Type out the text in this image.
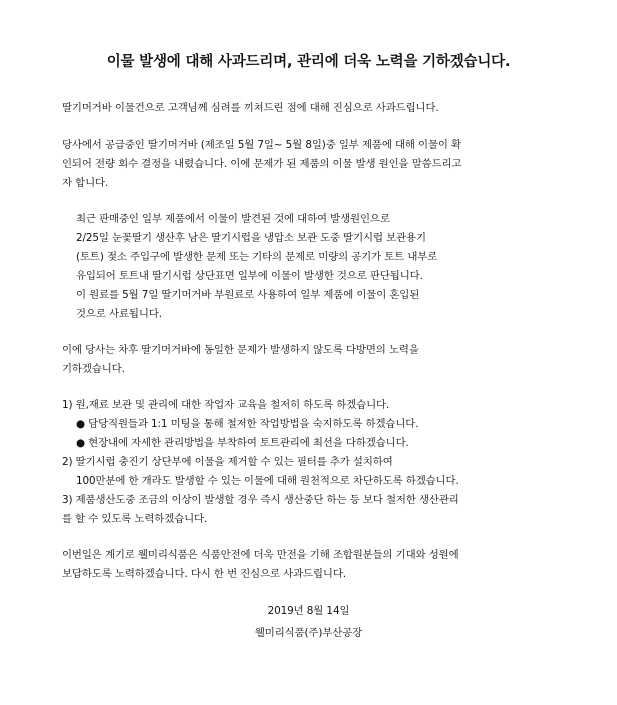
이물 발생에 대해 사과드리며, 관리에 더욱 노력을 기하겠습니다.
딸기머거바 이물건으로 고객님께 심려를 끼쳐드린 점에 대해 진심으로 사과드립니다.
당사에서 공급중인 딸기머거바 (제조일 5월 7일~ 5월 8일)중 일부 제품에 대해 이물이 확
인되어 전량 회수 결정을 내렸습니다. 이에 문제가 된 제품의 이물 발생 원인을 말씀드리고
자 합니다.
최근 판매중인 일부 제품에서 이물이 발견된 것에 대하여 발생원인으로
2/25일 눈꽃딸기 생산후 남은 딸기시럽을 냉압소 보관 도중 딸기시럽 보관용기
(토트) 젖소 주입구에 발생한 문제 또는 기타의 문제로 미량의 공기가 토트 내부로
유입되어 토트내 딸기시럽 상단표면 일부에 이물이 발생한 것으로 판단됩니다.
이 원료를 5월 7일 딸기머거바 부원료로 사용하여 일부 제품에 이물이 혼입된
것으로 사료됩니다.
이에 당사는 차후 딸기머거바에 동일한 문제가 발생하지 않도록 다방면의 노력을
기하겠습니다.
1) 원,재료 보관 및 관리에 대한 작업자 교육을 철저히 하도록 하겠습니다.
● 담당직원들과 1:1 미팅을 통해 철저한 작업방법을 숙지하도록 하겠습니다.
● 현장내에 자세한 관리방법을 부착하여 토트관리에 최선을 다하겠습니다.
2) 딸기시럽 충진기 상단부에 이물을 제거할 수 있는 필터를 추가 설치하여
100만분에 한 개라도 발생할 수 있는 이물에 대해 원천적으로 차단하도록 하겠습니다.
3) 제품생산도중 조금의 이상이 발생할 경우 즉시 생산중단 하는 등 보다 철저한 생산관리
를 할 수 있도록 노력하겠습니다.
이번일은 계기로 웰미리식품은 식품안전에 더욱 만전을 기해 조합원분들의 기대와 성원에
보답하도록 노력하겠습니다. 다시 한 번 진심으로 사과드립니다.
2019년 8월 14일
웰미리식품(주)부산공장
